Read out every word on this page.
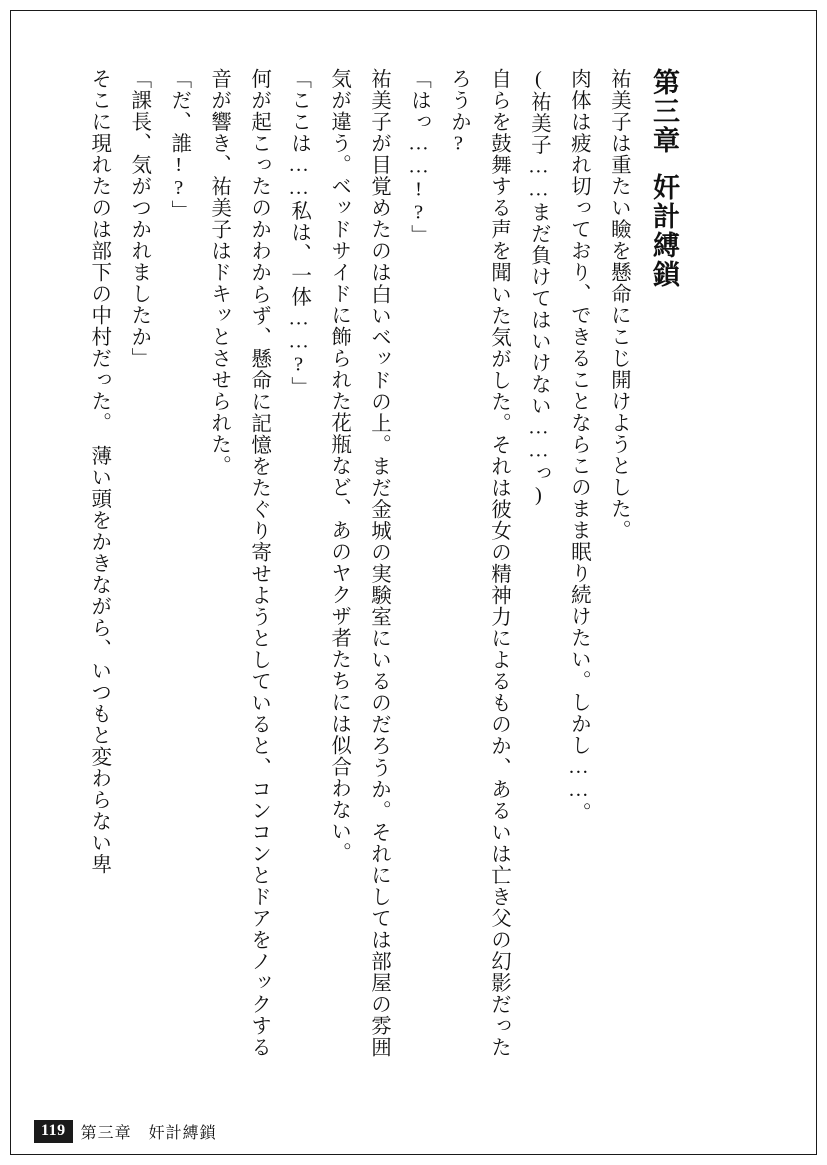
第三章奸計縛鎖
祐美子は重たい瞼を懸命にこじ開けようとした。
肉体は疲れ切っており、できることならこのまま眠り続けたい。しかし……。
(祐美子……まだ負けてはいけない……っ)
自らを鼓舞する声を聞いた気がした。それは彼女の精神力によるものか、あるいは亡き父の幻影だったろうか?
「はっ……!?」
祐美子が目覚めたのは白いベッドの上。まだ金城の実験室にいるのだろうか。それにしては部屋の雰囲気が違う。ベッドサイドに飾られた花瓶など、あのヤクザ者たちには似合わない。
「ここは……私は、一体……?」
何が起こったのかわからず、懸命に記憶をたぐり寄せようとしていると、コンコンとドアをノックする音が響き、祐美子はドキッとさせられた。
「だ、誰!?」
「課長、気がつかれましたか」
そこに現れたのは部下の中村だった。　薄い頭をかきながら、いつもと変わらない卑
119 第三章　奸計縛鎖
